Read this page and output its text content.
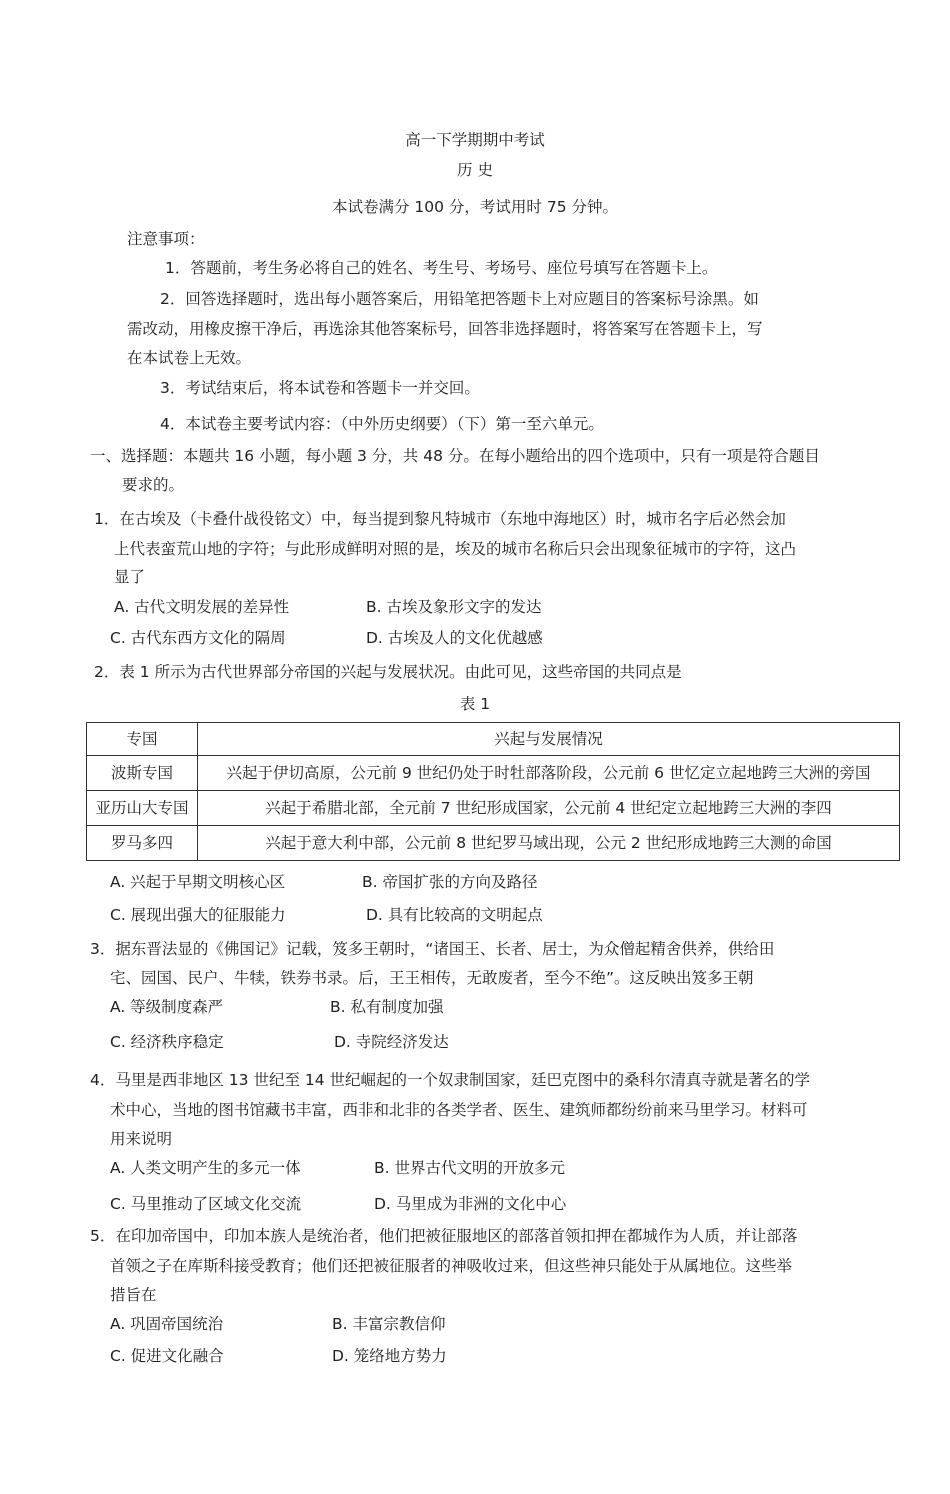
高一下学期期中考试
历 史
本试卷满分 100 分，考试用时 75 分钟。
注意事项：
1．答题前，考生务必将自己的姓名、考生号、考场号、座位号填写在答题卡上。
2．回答选择题时，选出每小题答案后，用铅笔把答题卡上对应题目的答案标号涂黑。如
需改动，用橡皮擦干净后，再选涂其他答案标号，回答非选择题时，将答案写在答题卡上，写
在本试卷上无效。
3．考试结束后，将本试卷和答题卡一并交回。
4．本试卷主要考试内容：（中外历史纲要）（下）第一至六单元。
一、选择题：本题共 16 小题，每小题 3 分，共 48 分。在每小题给出的四个选项中，只有一项是符合题目
要求的。
1．在古埃及（卡叠什战役铭文）中，每当提到黎凡特城市（东地中海地区）时，城市名字后必然会加
上代表蛮荒山地的字符；与此形成鲜明对照的是，埃及的城市名称后只会出现象征城市的字符，这凸
显了
A. 古代文明发展的差异性	B. 古埃及象形文字的发达
C. 古代东西方文化的隔周	D. 古埃及人的文化优越感
2．表 1 所示为古代世界部分帝国的兴起与发展状况。由此可见，这些帝国的共同点是
表 1
专国	兴起与发展情况
波斯专国	兴起于伊切高原，公元前 9 世纪仍处于时牡部落阶段，公元前 6 世忆定立起地跨三大洲的旁国
亚历山大专国	兴起于希腊北部，全元前 7 世纪形成国家，公元前 4 世纪定立起地跨三大洲的李四
罗马多四	兴起于意大利中部，公元前 8 世纪罗马域出现，公元 2 世纪形成地跨三大测的命国
A. 兴起于早期文明核心区	B. 帝国扩张的方向及路径
C. 展现出强大的征服能力	D. 具有比较高的文明起点
3．据东晋法显的《佛国记》记载，笈多王朝时，“诸国王、长者、居士，为众僧起精舍供养，供给田
宅、园国、民户、牛犊，铁券书录。后，王王相传，无敢废者，至今不绝”。这反映出笈多王朝
A. 等级制度森严	B. 私有制度加强
C. 经济秩序稳定	D. 寺院经济发达
4．马里是西非地区 13 世纪至 14 世纪崛起的一个奴隶制国家，廷巴克图中的桑科尔清真寺就是著名的学
术中心，当地的图书馆藏书丰富，西非和北非的各类学者、医生、建筑师都纷纷前来马里学习。材料可
用来说明
A. 人类文明产生的多元一体	B. 世界古代文明的开放多元
C. 马里推动了区域文化交流	D. 马里成为非洲的文化中心
5．在印加帝国中，印加本族人是统治者，他们把被征服地区的部落首领扣押在都城作为人质，并让部落
首领之子在库斯科接受教育；他们还把被征服者的神吸收过来，但这些神只能处于从属地位。这些举
措旨在
A. 巩固帝国统治	B. 丰富宗教信仰
C. 促进文化融合	D. 笼络地方势力
